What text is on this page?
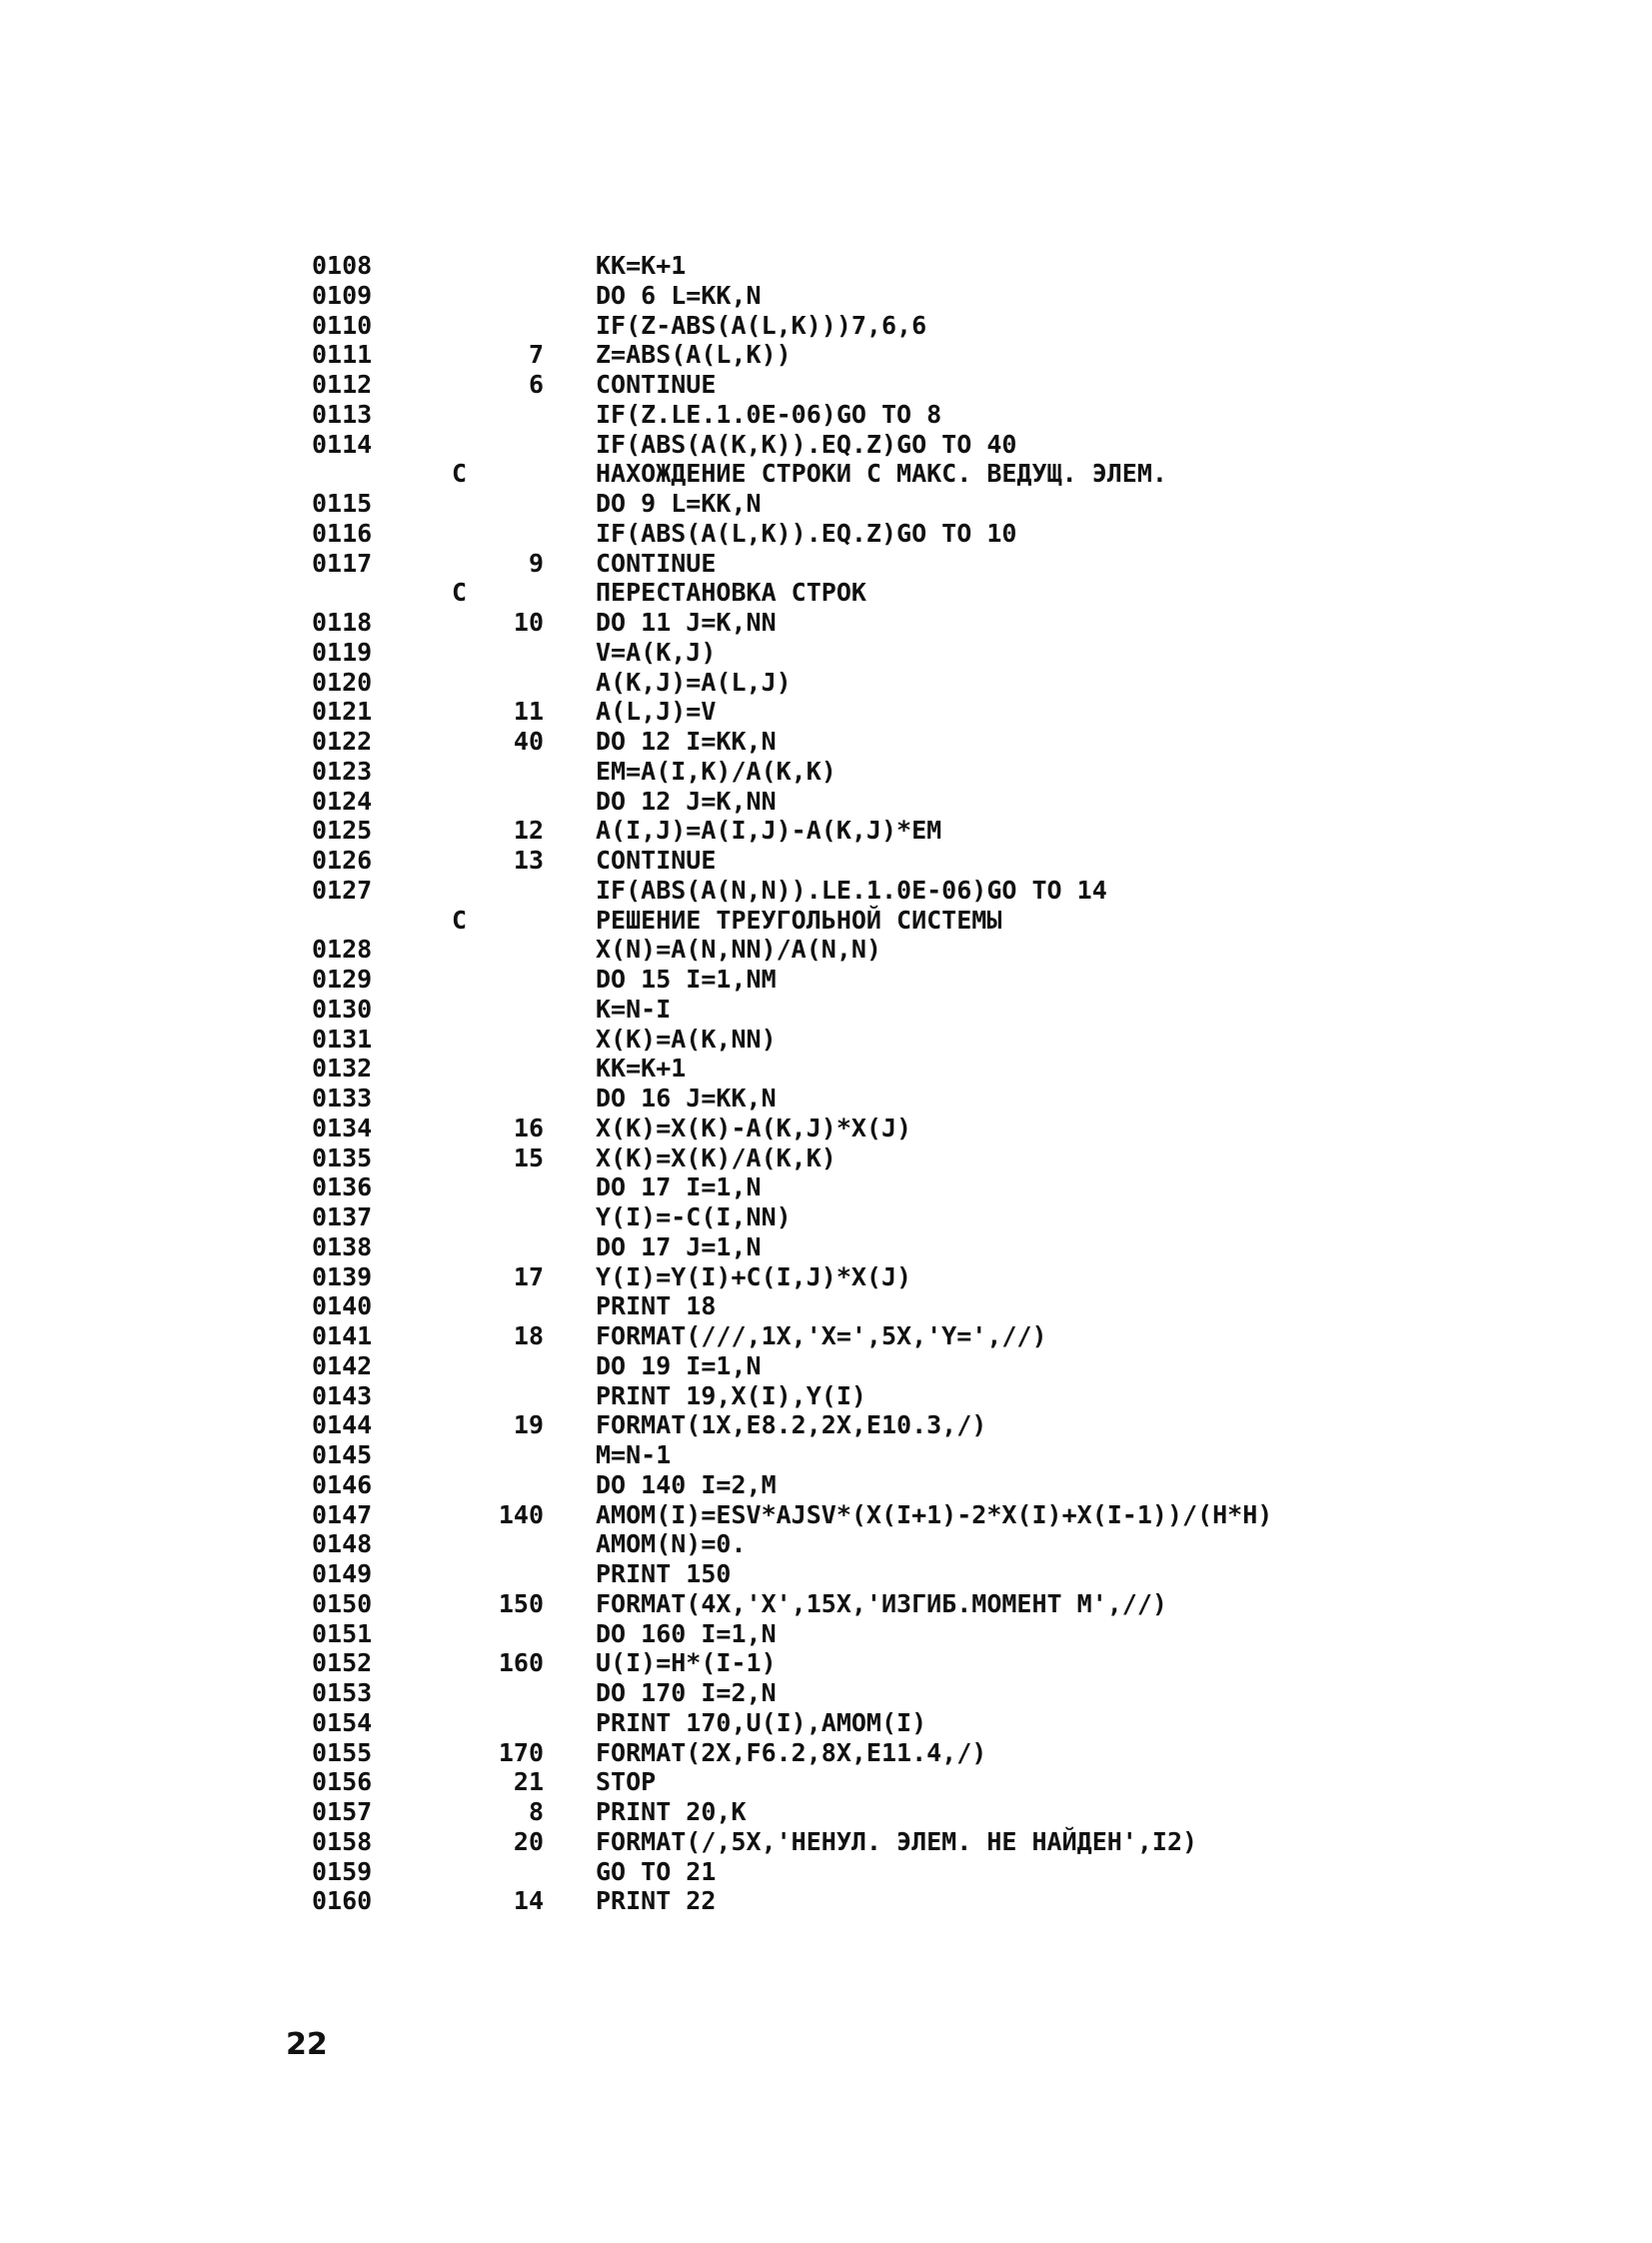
0108	KK=K+1
0109	DO 6 L=KK,N
0110	IF(Z-ABS(A(L,K)))7,6,6
0111	7 Z=ABS(A(L,K))
0112	6 CONTINUE
0113	IF(Z.LE.1.0E-06)GO TO 8
0114	IF(ABS(A(K,K)).EQ.Z)GO TO 40
C	НАХОЖДЕНИЕ СТРОКИ С МАКС. ВЕДУЩ. ЭЛЕМ.
0115	DO 9 L=KK,N
0116	IF(ABS(A(L,K)).EQ.Z)GO TO 10
0117	9 CONTINUE
C	ПЕРЕСТАНОВКА СТРОК
0118	10 DO 11 J=K,NN
0119	V=A(K,J)
0120	A(K,J)=A(L,J)
0121	11 A(L,J)=V
0122	40 DO 12 I=KK,N
0123	EM=A(I,K)/A(K,K)
0124	DO 12 J=K,NN
0125	12 A(I,J)=A(I,J)-A(K,J)*EM
0126	13 CONTINUE
0127	IF(ABS(A(N,N)).LE.1.0E-06)GO TO 14
C	РЕШЕНИЕ ТРЕУГОЛЬНОЙ СИСТЕМЫ
0128	X(N)=A(N,NN)/A(N,N)
0129	DO 15 I=1,NM
0130	K=N-I
0131	X(K)=A(K,NN)
0132	KK=K+1
0133	DO 16 J=KK,N
0134	16 X(K)=X(K)-A(K,J)*X(J)
0135	15 X(K)=X(K)/A(K,K)
0136	DO 17 I=1,N
0137	Y(I)=-C(I,NN)
0138	DO 17 J=1,N
0139	17 Y(I)=Y(I)+C(I,J)*X(J)
0140	PRINT 18
0141	18 FORMAT(///,1X,'X=',5X,'Y=',//)
0142	DO 19 I=1,N
0143	PRINT 19,X(I),Y(I)
0144	19 FORMAT(1X,E8.2,2X,E10.3,/)
0145	M=N-1
0146	DO 140 I=2,M
0147	140 AMOM(I)=ESV*AJSV*(X(I+1)-2*X(I)+X(I-1))/(H*H)
0148	AMOM(N)=0.
0149	PRINT 150
0150	150 FORMAT(4X,'X',15X,'ИЗГИБ.МОМЕНТ M',//)
0151	DO 160 I=1,N
0152	160 U(I)=H*(I-1)
0153	DO 170 I=2,N
0154	PRINT 170,U(I),AMOM(I)
0155	170 FORMAT(2X,F6.2,8X,E11.4,/)
0156	21 STOP
0157	8 PRINT 20,K
0158	20 FORMAT(/,5X,'НЕНУЛ. ЭЛЕМ. НЕ НАЙДЕН',I2)
0159	GO TO 21
0160	14 PRINT 22
22
